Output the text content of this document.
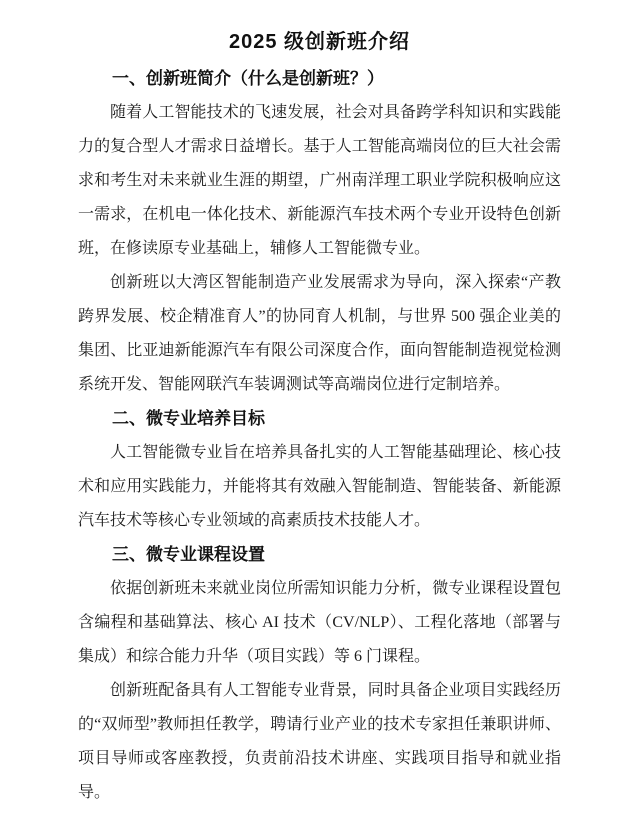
2025 级创新班介绍
一、创新班简介（什么是创新班？）

随着人工智能技术的飞速发展，社会对具备跨学科知识和实践能力的复合型人才需求日益增长。基于人工智能高端岗位的巨大社会需求和考生对未来就业生涯的期望，广州南洋理工职业学院积极响应这一需求，在机电一体化技术、新能源汽车技术两个专业开设特色创新班，在修读原专业基础上，辅修人工智能微专业。

创新班以大湾区智能制造产业发展需求为导向，深入探索“产教跨界发展、校企精准育人”的协同育人机制，与世界 500 强企业美的集团、比亚迪新能源汽车有限公司深度合作，面向智能制造视觉检测系统开发、智能网联汽车装调测试等高端岗位进行定制培养。

二、微专业培养目标

人工智能微专业旨在培养具备扎实的人工智能基础理论、核心技术和应用实践能力，并能将其有效融入智能制造、智能装备、新能源汽车技术等核心专业领域的高素质技术技能人才。

三、微专业课程设置

依据创新班未来就业岗位所需知识能力分析，微专业课程设置包含编程和基础算法、核心 AI 技术（CV/NLP）、工程化落地（部署与集成）和综合能力升华（项目实践）等 6 门课程。

创新班配备具有人工智能专业背景，同时具备企业项目实践经历的“双师型”教师担任教学，聘请行业产业的技术专家担任兼职讲师、项目导师或客座教授，负责前沿技术讲座、实践项目指导和就业指导。
